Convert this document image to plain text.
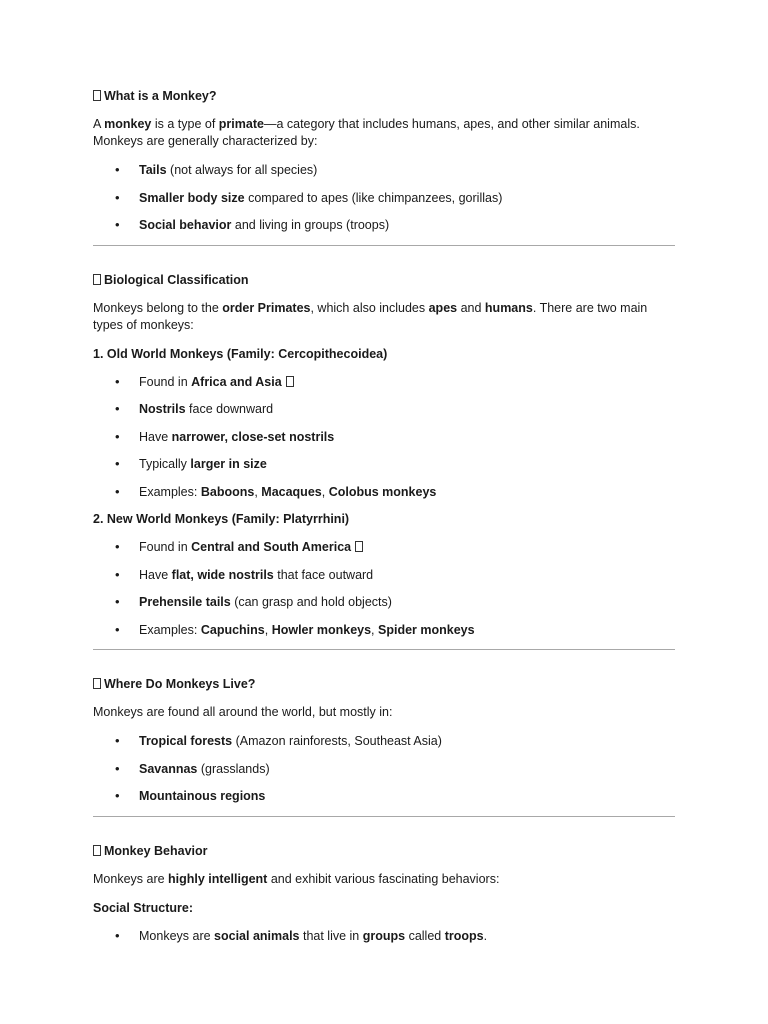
What is a Monkey?
A monkey is a type of primate—a category that includes humans, apes, and other similar animals. Monkeys are generally characterized by:
• Tails (not always for all species)
• Smaller body size compared to apes (like chimpanzees, gorillas)
• Social behavior and living in groups (troops)
Biological Classification
Monkeys belong to the order Primates, which also includes apes and humans. There are two main types of monkeys:
1. Old World Monkeys (Family: Cercopithecoidea)
• Found in Africa and Asia
• Nostrils face downward
• Have narrower, close-set nostrils
• Typically larger in size
• Examples: Baboons, Macaques, Colobus monkeys
2. New World Monkeys (Family: Platyrrhini)
• Found in Central and South America
• Have flat, wide nostrils that face outward
• Prehensile tails (can grasp and hold objects)
• Examples: Capuchins, Howler monkeys, Spider monkeys
Where Do Monkeys Live?
Monkeys are found all around the world, but mostly in:
• Tropical forests (Amazon rainforests, Southeast Asia)
• Savannas (grasslands)
• Mountainous regions
Monkey Behavior
Monkeys are highly intelligent and exhibit various fascinating behaviors:
Social Structure:
• Monkeys are social animals that live in groups called troops.
